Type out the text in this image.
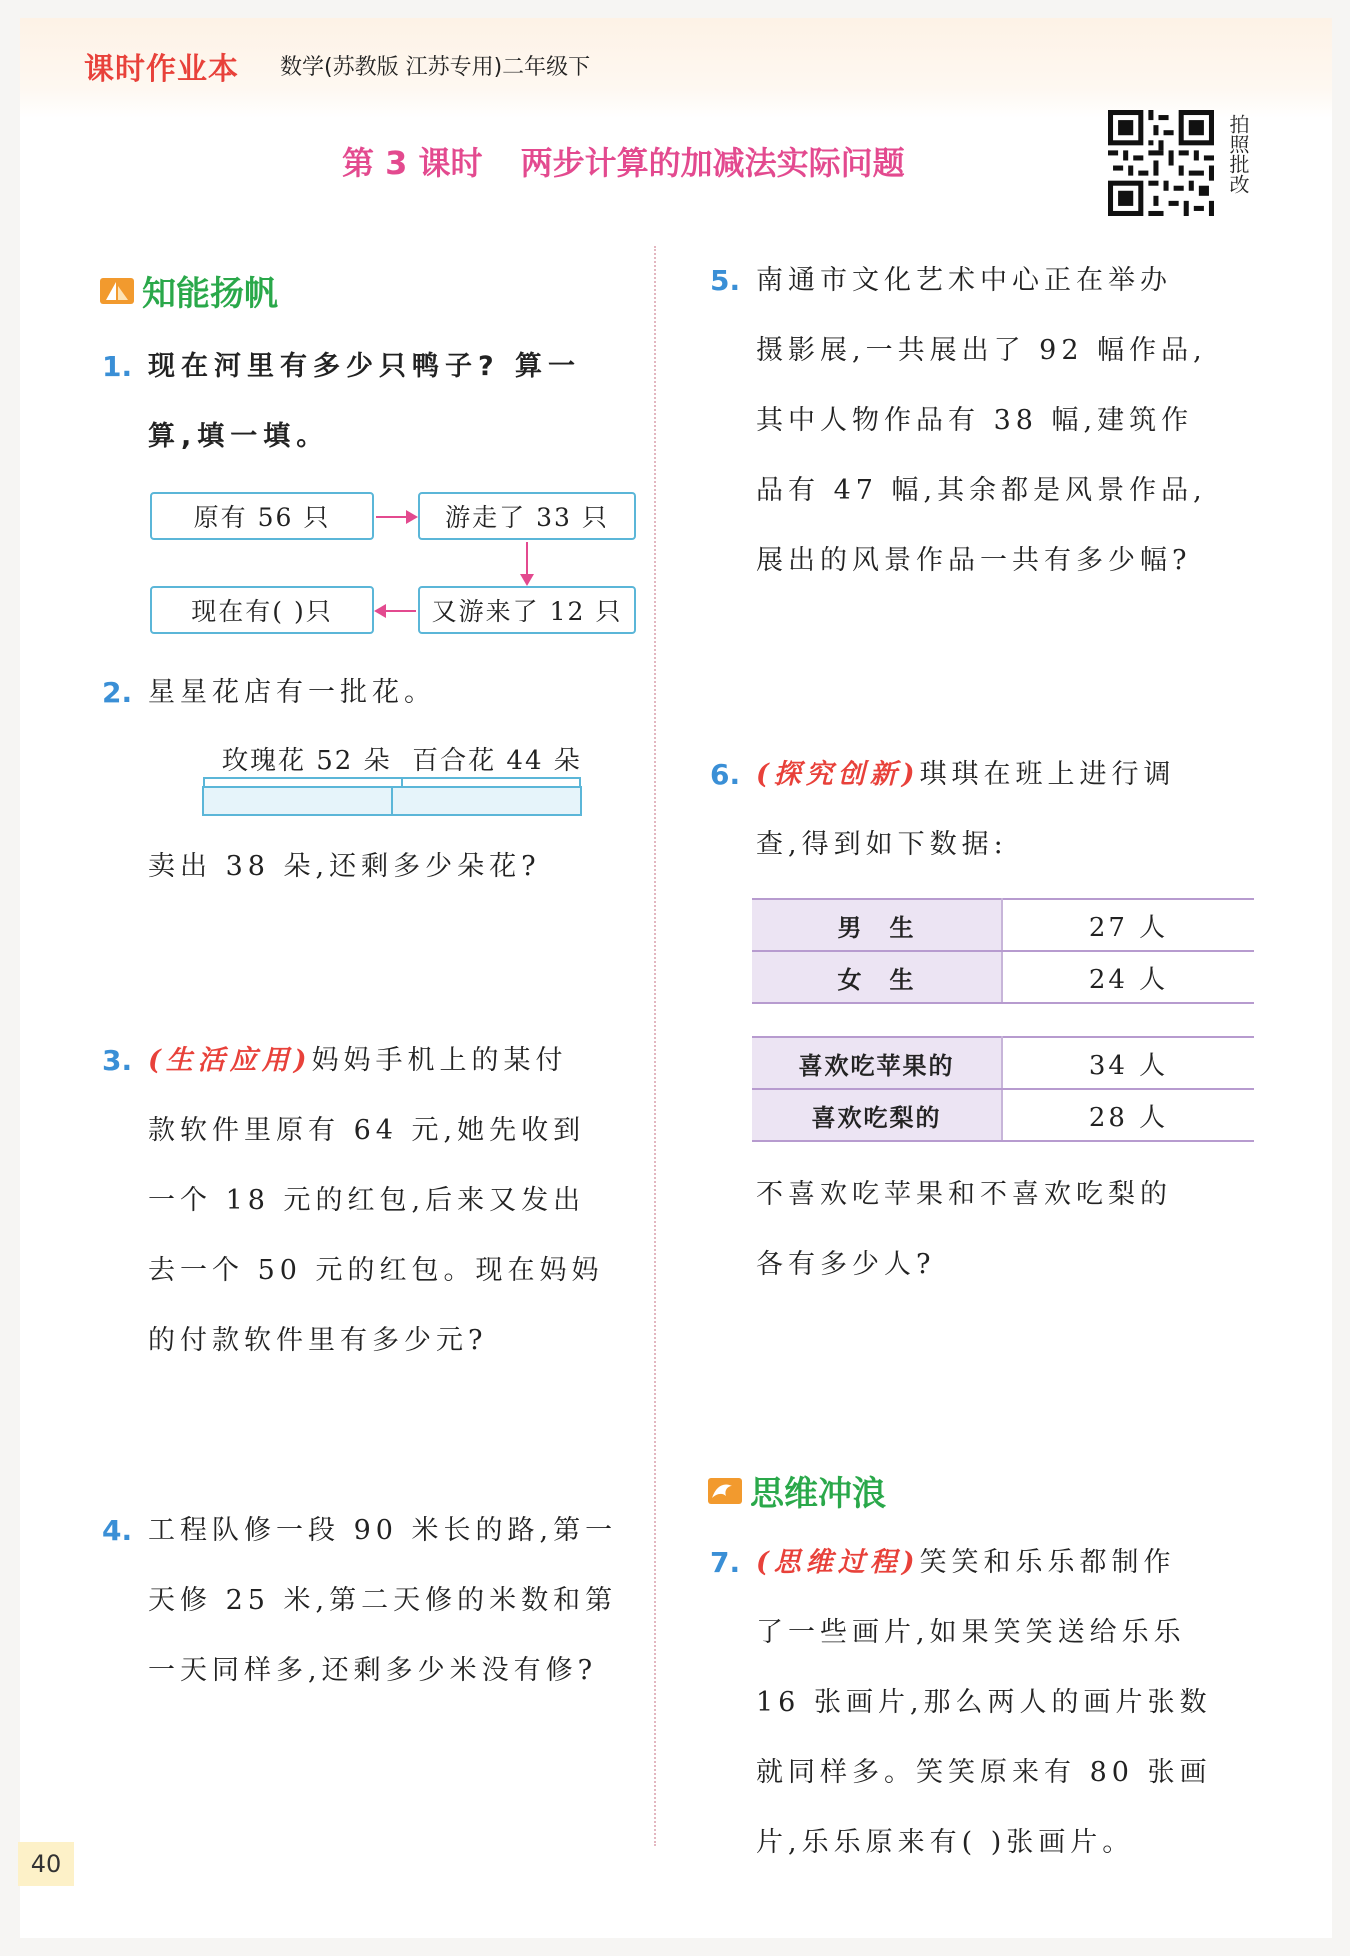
课时作业本 数学(苏教版 江苏专用)二年级下
第 3 课时 两步计算的加减法实际问题	拍照批改
知能扬帆
1. 现在河里有多少只鸭子? 算一
算,填一填。
原有 56 只	游走了 33 只
又游来了 12 只
现在有( )只
2. 星星花店有一批花。
玫瑰花 52 朵 百合花 44 朵
卖出 38 朵,还剩多少朵花?
3. (生活应用)妈妈手机上的某付
款软件里原有 64 元,她先收到
一个 18 元的红包,后来又发出
去一个 50 元的红包。现在妈妈
的付款软件里有多少元?
4. 工程队修一段 90 米长的路,第一
天修 25 米,第二天修的米数和第
一天同样多,还剩多少米没有修?
5. 南通市文化艺术中心正在举办
摄影展,一共展出了 92 幅作品,
其中人物作品有 38 幅,建筑作
品有 47 幅,其余都是风景作品,
展出的风景作品一共有多少幅?
6. (探究创新)琪琪在班上进行调
查,得到如下数据:
男　生	27 人
女　生	24 人
喜欢吃苹果的	34 人
喜欢吃梨的	28 人
不喜欢吃苹果和不喜欢吃梨的
各有多少人?
思维冲浪
7. (思维过程)笑笑和乐乐都制作
了一些画片,如果笑笑送给乐乐
16 张画片,那么两人的画片张数
就同样多。笑笑原来有 80 张画
片,乐乐原来有( )张画片。
40
